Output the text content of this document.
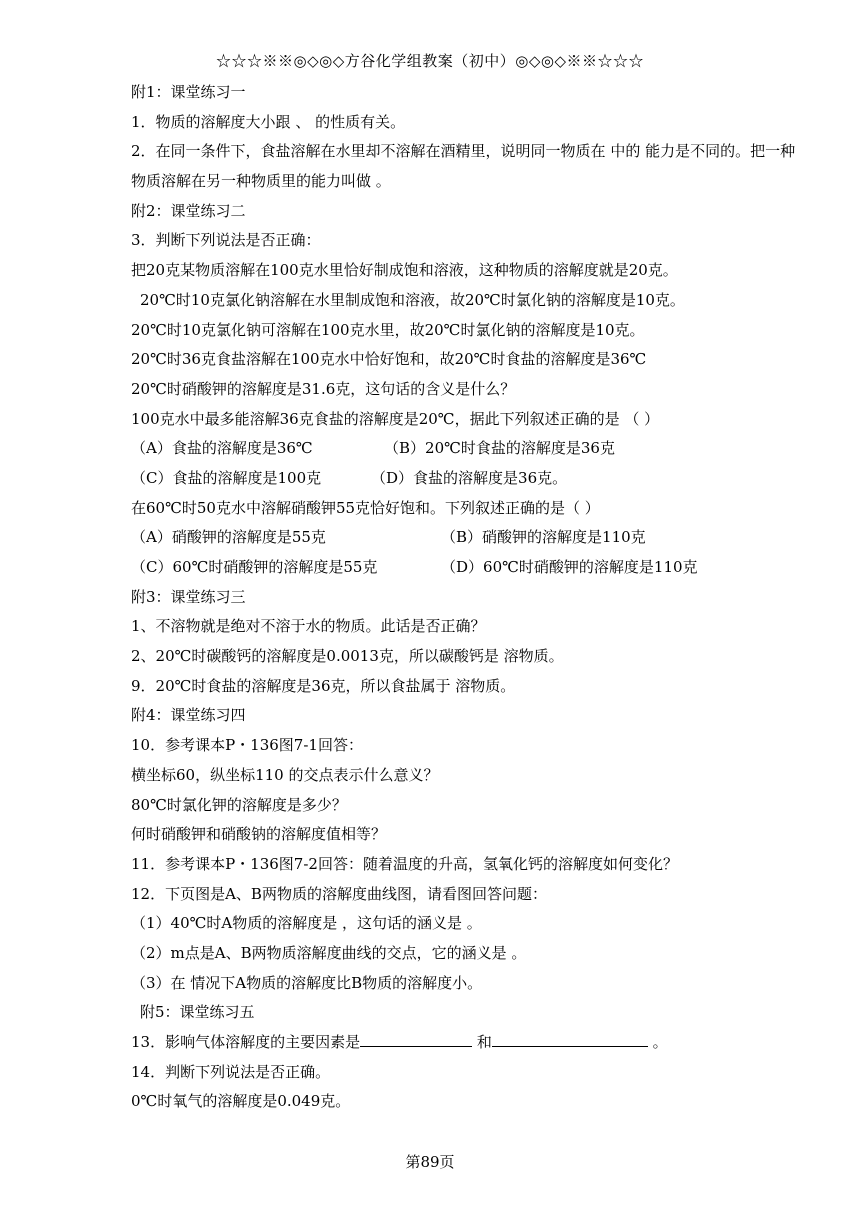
☆☆☆※※◎◇◎◇方谷化学组教案（初中）◎◇◎◇※※☆☆☆
附1：课堂练习一
1．物质的溶解度大小跟 、 的性质有关。
2．在同一条件下，食盐溶解在水里却不溶解在酒精里，说明同一物质在 中的 能力是不同的。把一种物质溶解在另一种物质里的能力叫做 。
附2：课堂练习二
3．判断下列说法是否正确：
把20克某物质溶解在100克水里恰好制成饱和溶液，这种物质的溶解度就是20克。
20℃时10克氯化钠溶解在水里制成饱和溶液，故20℃时氯化钠的溶解度是10克。
20℃时10克氯化钠可溶解在100克水里，故20℃时氯化钠的溶解度是10克。
20℃时36克食盐溶解在100克水中恰好饱和，故20℃时食盐的溶解度是36℃
20℃时硝酸钾的溶解度是31.6克，这句话的含义是什么？
100克水中最多能溶解36克食盐的溶解度是20℃，据此下列叙述正确的是 （ ）
（A）食盐的溶解度是36℃	（B）20℃时食盐的溶解度是36克
（C）食盐的溶解度是100克	（D）食盐的溶解度是36克。
在60℃时50克水中溶解硝酸钾55克恰好饱和。下列叙述正确的是（ ）
（A）硝酸钾的溶解度是55克	（B）硝酸钾的溶解度是110克
（C）60℃时硝酸钾的溶解度是55克	（D）60℃时硝酸钾的溶解度是110克
附3：课堂练习三
1、不溶物就是绝对不溶于水的物质。此话是否正确？
2、20℃时碳酸钙的溶解度是0.0013克，所以碳酸钙是 溶物质。
9．20℃时食盐的溶解度是36克，所以食盐属于 溶物质。
附4：课堂练习四
10．参考课本P・136图7-1回答：
横坐标60，纵坐标110 的交点表示什么意义？
80℃时氯化钾的溶解度是多少？
何时硝酸钾和硝酸钠的溶解度值相等？
11．参考课本P・136图7-2回答：随着温度的升高，氢氧化钙的溶解度如何变化？
12．下页图是A、B两物质的溶解度曲线图，请看图回答问题：
（1）40℃时A物质的溶解度是 ，这句话的涵义是 。
（2）m点是A、B两物质溶解度曲线的交点，它的涵义是 。
（3）在 情况下A物质的溶解度比B物质的溶解度小。
附5：课堂练习五
13．影响气体溶解度的主要因素是	和	。
14．判断下列说法是否正确。
0℃时氧气的溶解度是0.049克。
第89页
